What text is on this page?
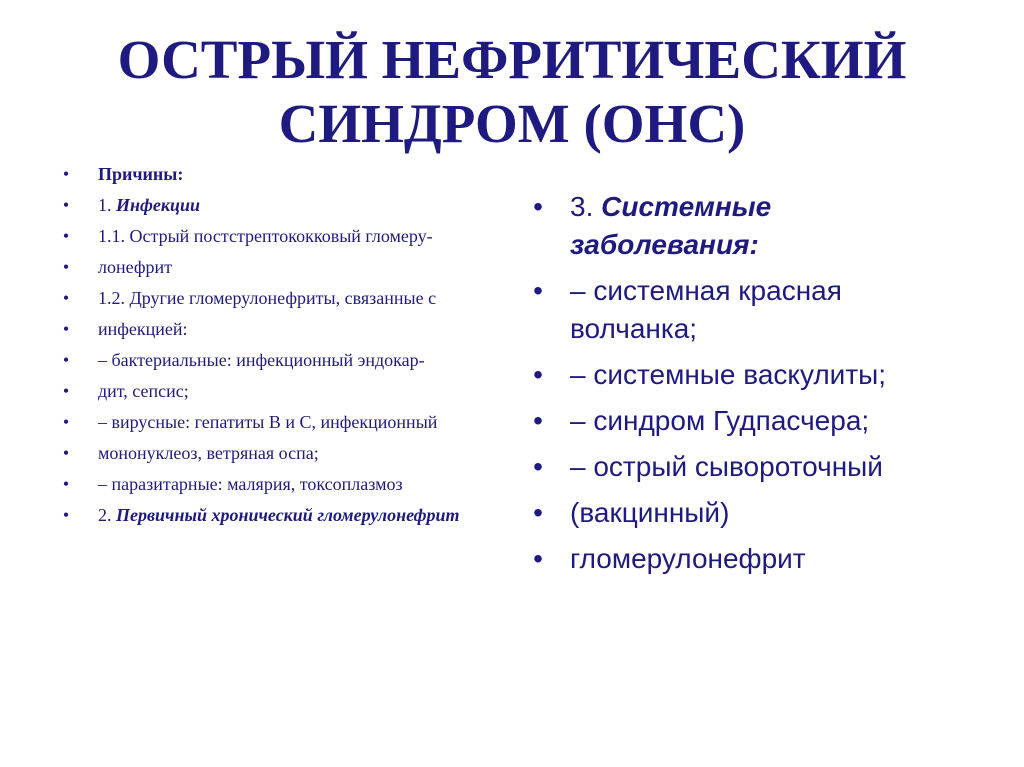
ОСТРЫЙ НЕФРИТИЧЕСКИЙ
СИНДРОМ (ОНС)
• Причины:
• 1. Инфекции
• 1.1. Острый постстрептококковый гломеру-
• лонефрит
• 1.2. Другие гломерулонефриты, связанные с
• инфекцией:
• – бактериальные: инфекционный эндокар-
• дит, сепсис;
• – вирусные: гепатиты В и С, инфекционный
• мононуклеоз, ветряная оспа;
• – паразитарные: малярия, токсоплазмоз
• 2. Первичный хронический гломерулонефрит
• 3. Системные заболевания:
• – системная красная волчанка;
• – системные васкулиты;
• – синдром Гудпасчера;
• – острый сывороточный
• (вакцинный)
• гломерулонефрит
